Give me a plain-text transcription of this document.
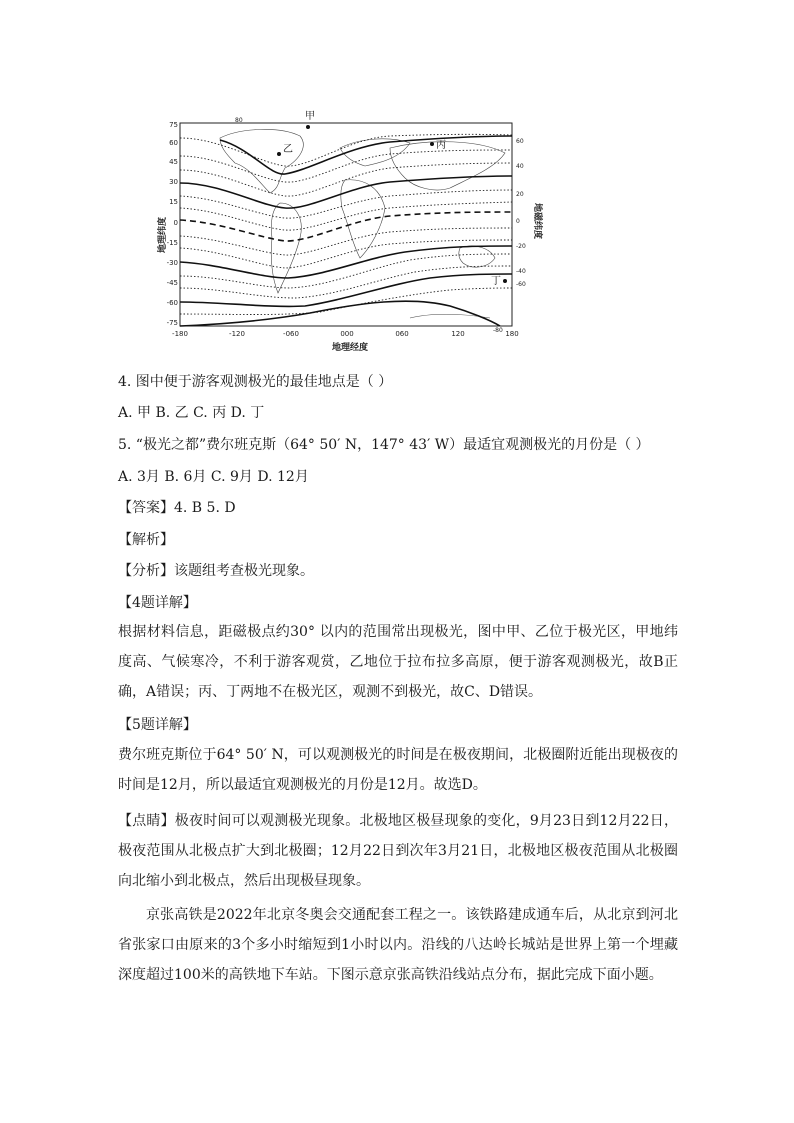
75
60
45
30
15
0
-15
-30
-45
-60
-75
-180	-120	-060	000	060	120	180
60
40
20
0
-20
-40
-60
80
-80
地理纬度	地磁纬度
地理经度
甲
乙	丙
丁
4. 图中便于游客观测极光的最佳地点是（ ）
A. 甲 B. 乙 C. 丙 D. 丁
5. “极光之都”费尔班克斯（64° 50′ N，147° 43′ W）最适宜观测极光的月份是（ ）
A. 3月 B. 6月 C. 9月 D. 12月
【答案】4. B 5. D
【解析】
【分析】该题组考查极光现象。
【4题详解】
根据材料信息，距磁极点约30° 以内的范围常出现极光，图中甲、乙位于极光区，甲地纬度高、气候寒冷，不利于游客观赏，乙地位于拉布拉多高原，便于游客观测极光，故B正确，A错误；丙、丁两地不在极光区，观测不到极光，故C、D错误。
【5题详解】
费尔班克斯位于64° 50′ N，可以观测极光的时间是在极夜期间，北极圈附近能出现极夜的时间是12月，所以最适宜观测极光的月份是12月。故选D。
【点睛】极夜时间可以观测极光现象。北极地区极昼现象的变化，9月23日到12月22日，极夜范围从北极点扩大到北极圈；12月22日到次年3月21日，北极地区极夜范围从北极圈向北缩小到北极点，然后出现极昼现象。
京张高铁是2022年北京冬奥会交通配套工程之一。该铁路建成通车后，从北京到河北省张家口由原来的3个多小时缩短到1小时以内。沿线的八达岭长城站是世界上第一个埋藏深度超过100米的高铁地下车站。下图示意京张高铁沿线站点分布，据此完成下面小题。
